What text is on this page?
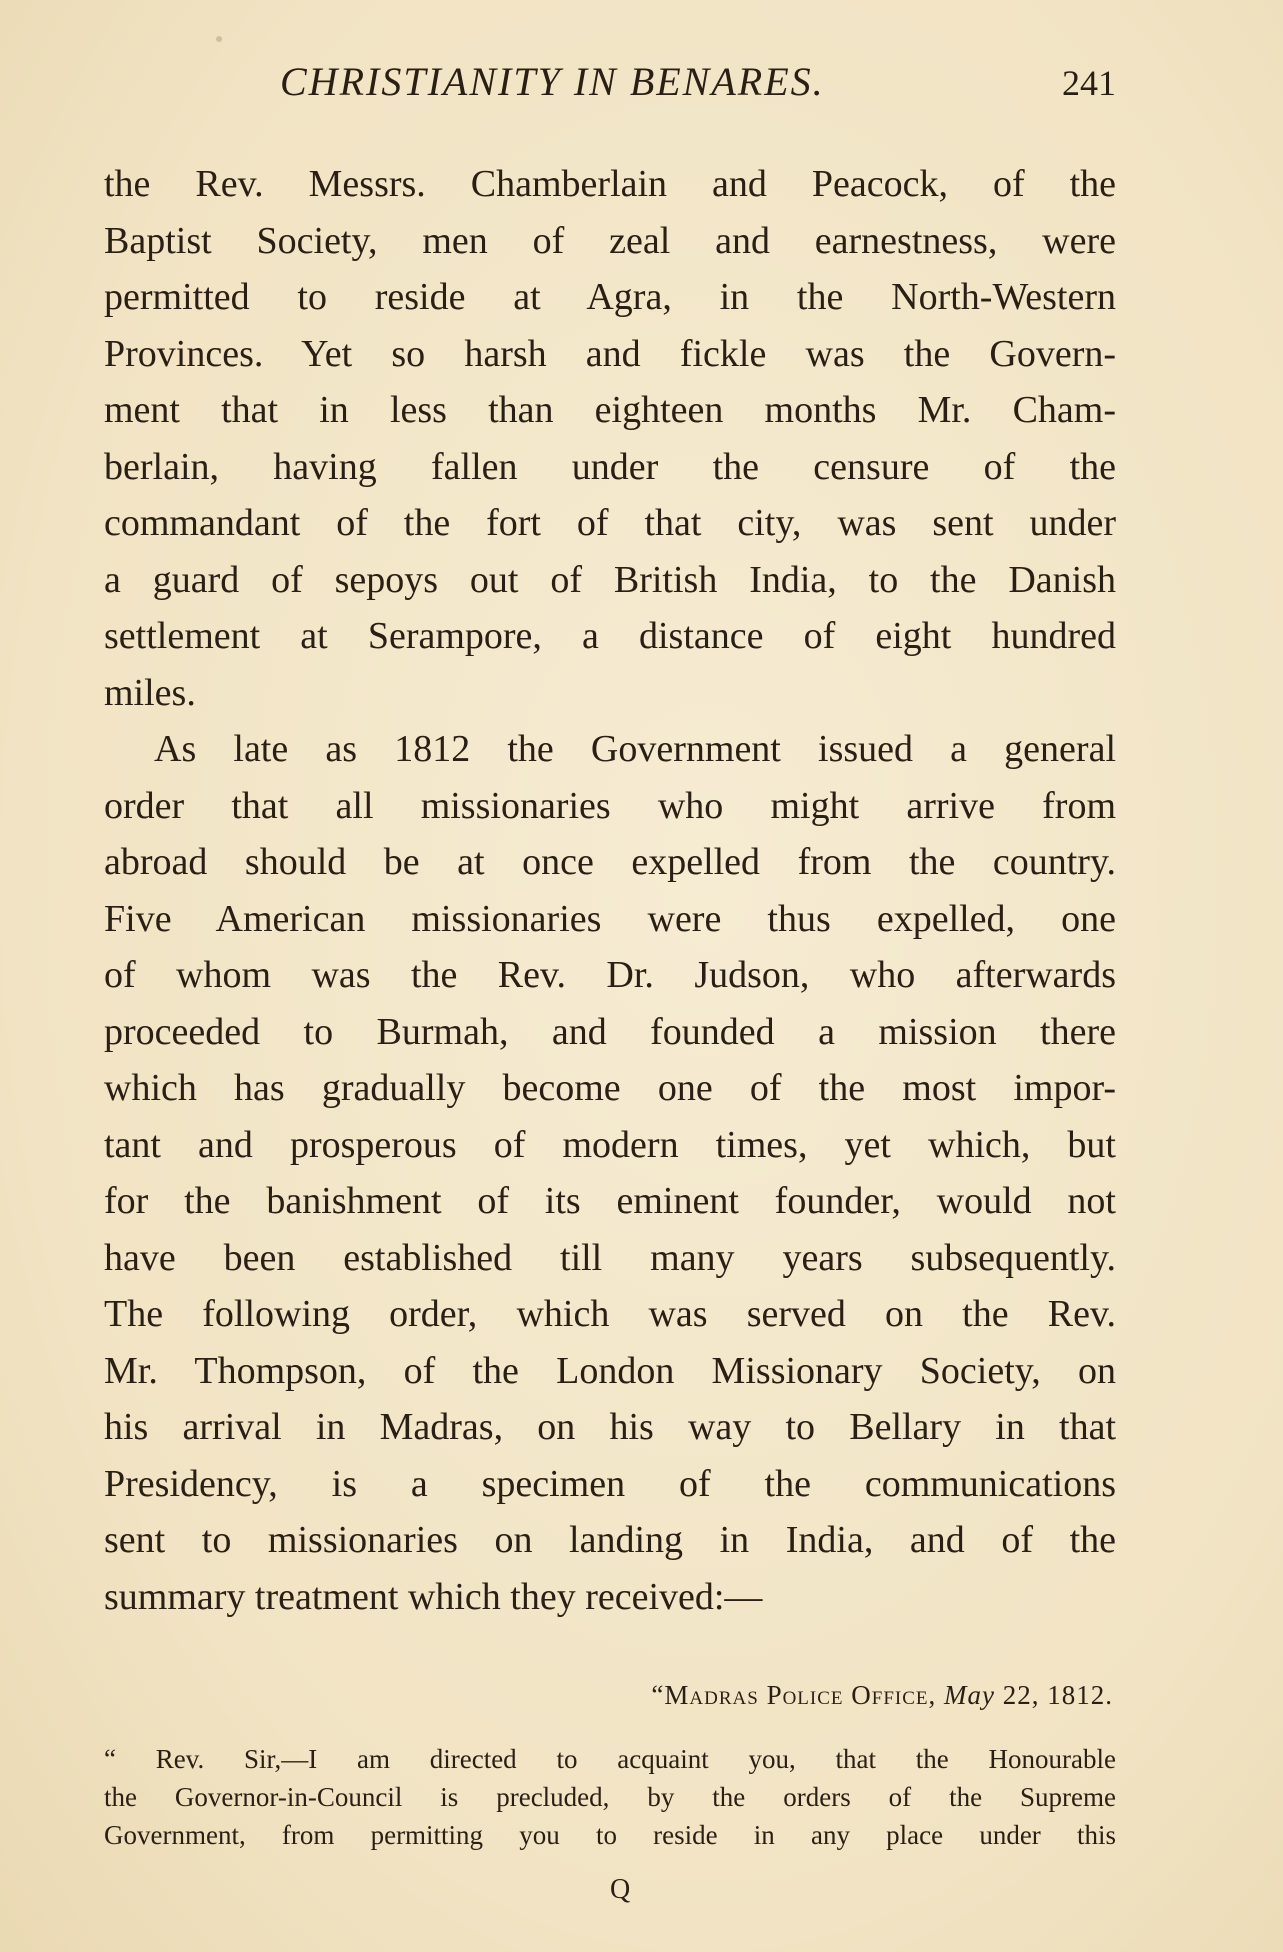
CHRISTIANITY IN BENARES.	241
the Rev. Messrs. Chamberlain and Peacock, of the
Baptist Society, men of zeal and earnestness, were
permitted to reside at Agra, in the North-Western
Provinces. Yet so harsh and fickle was the Govern-
ment that in less than eighteen months Mr. Cham-
berlain, having fallen under the censure of the
commandant of the fort of that city, was sent under
a guard of sepoys out of British India, to the Danish
settlement at Serampore, a distance of eight hundred
miles.
As late as 1812 the Government issued a general
order that all missionaries who might arrive from
abroad should be at once expelled from the country.
Five American missionaries were thus expelled, one
of whom was the Rev. Dr. Judson, who afterwards
proceeded to Burmah, and founded a mission there
which has gradually become one of the most impor-
tant and prosperous of modern times, yet which, but
for the banishment of its eminent founder, would not
have been established till many years subsequently.
The following order, which was served on the Rev.
Mr. Thompson, of the London Missionary Society, on
his arrival in Madras, on his way to Bellary in that
Presidency, is a specimen of the communications
sent to missionaries on landing in India, and of the
summary treatment which they received:—
“Madras Police Office, May 22, 1812.
“ Rev. Sir,—I am directed to acquaint you, that the Honourable
the Governor-in-Council is precluded, by the orders of the Supreme
Government, from permitting you to reside in any place under this
Q
